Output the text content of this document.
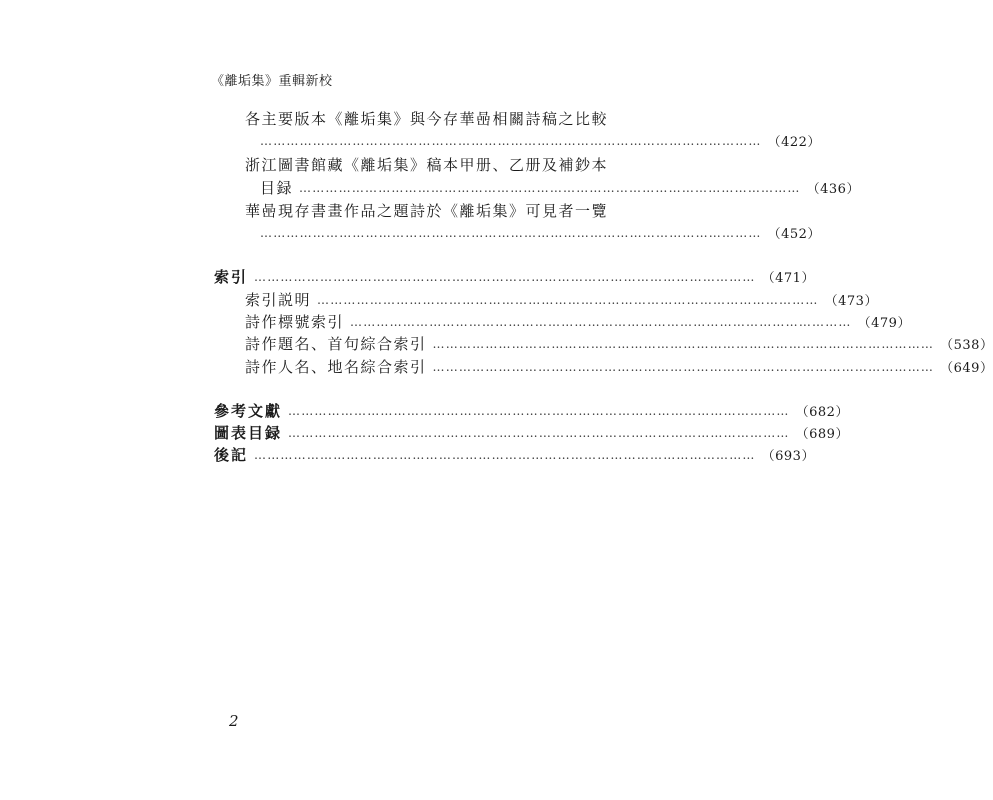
《離垢集》重輯新校
各主要版本《離垢集》與今存華喦相關詩稿之比較
…………………………………………………………………………………………………… （422）
浙江圖書館藏《離垢集》稿本甲册、乙册及補鈔本
目録 …………………………………………………………………………………………………… （436）
華喦現存書畫作品之題詩於《離垢集》可見者一覽
…………………………………………………………………………………………………… （452）
索引 …………………………………………………………………………………………………… （471）
索引説明 …………………………………………………………………………………………………… （473）
詩作標號索引 …………………………………………………………………………………………………… （479）
詩作題名、首句綜合索引 …………………………………………………………………………………………………… （538）
詩作人名、地名綜合索引 …………………………………………………………………………………………………… （649）
參考文獻 …………………………………………………………………………………………………… （682）
圖表目録 …………………………………………………………………………………………………… （689）
後記 …………………………………………………………………………………………………… （693）
2
